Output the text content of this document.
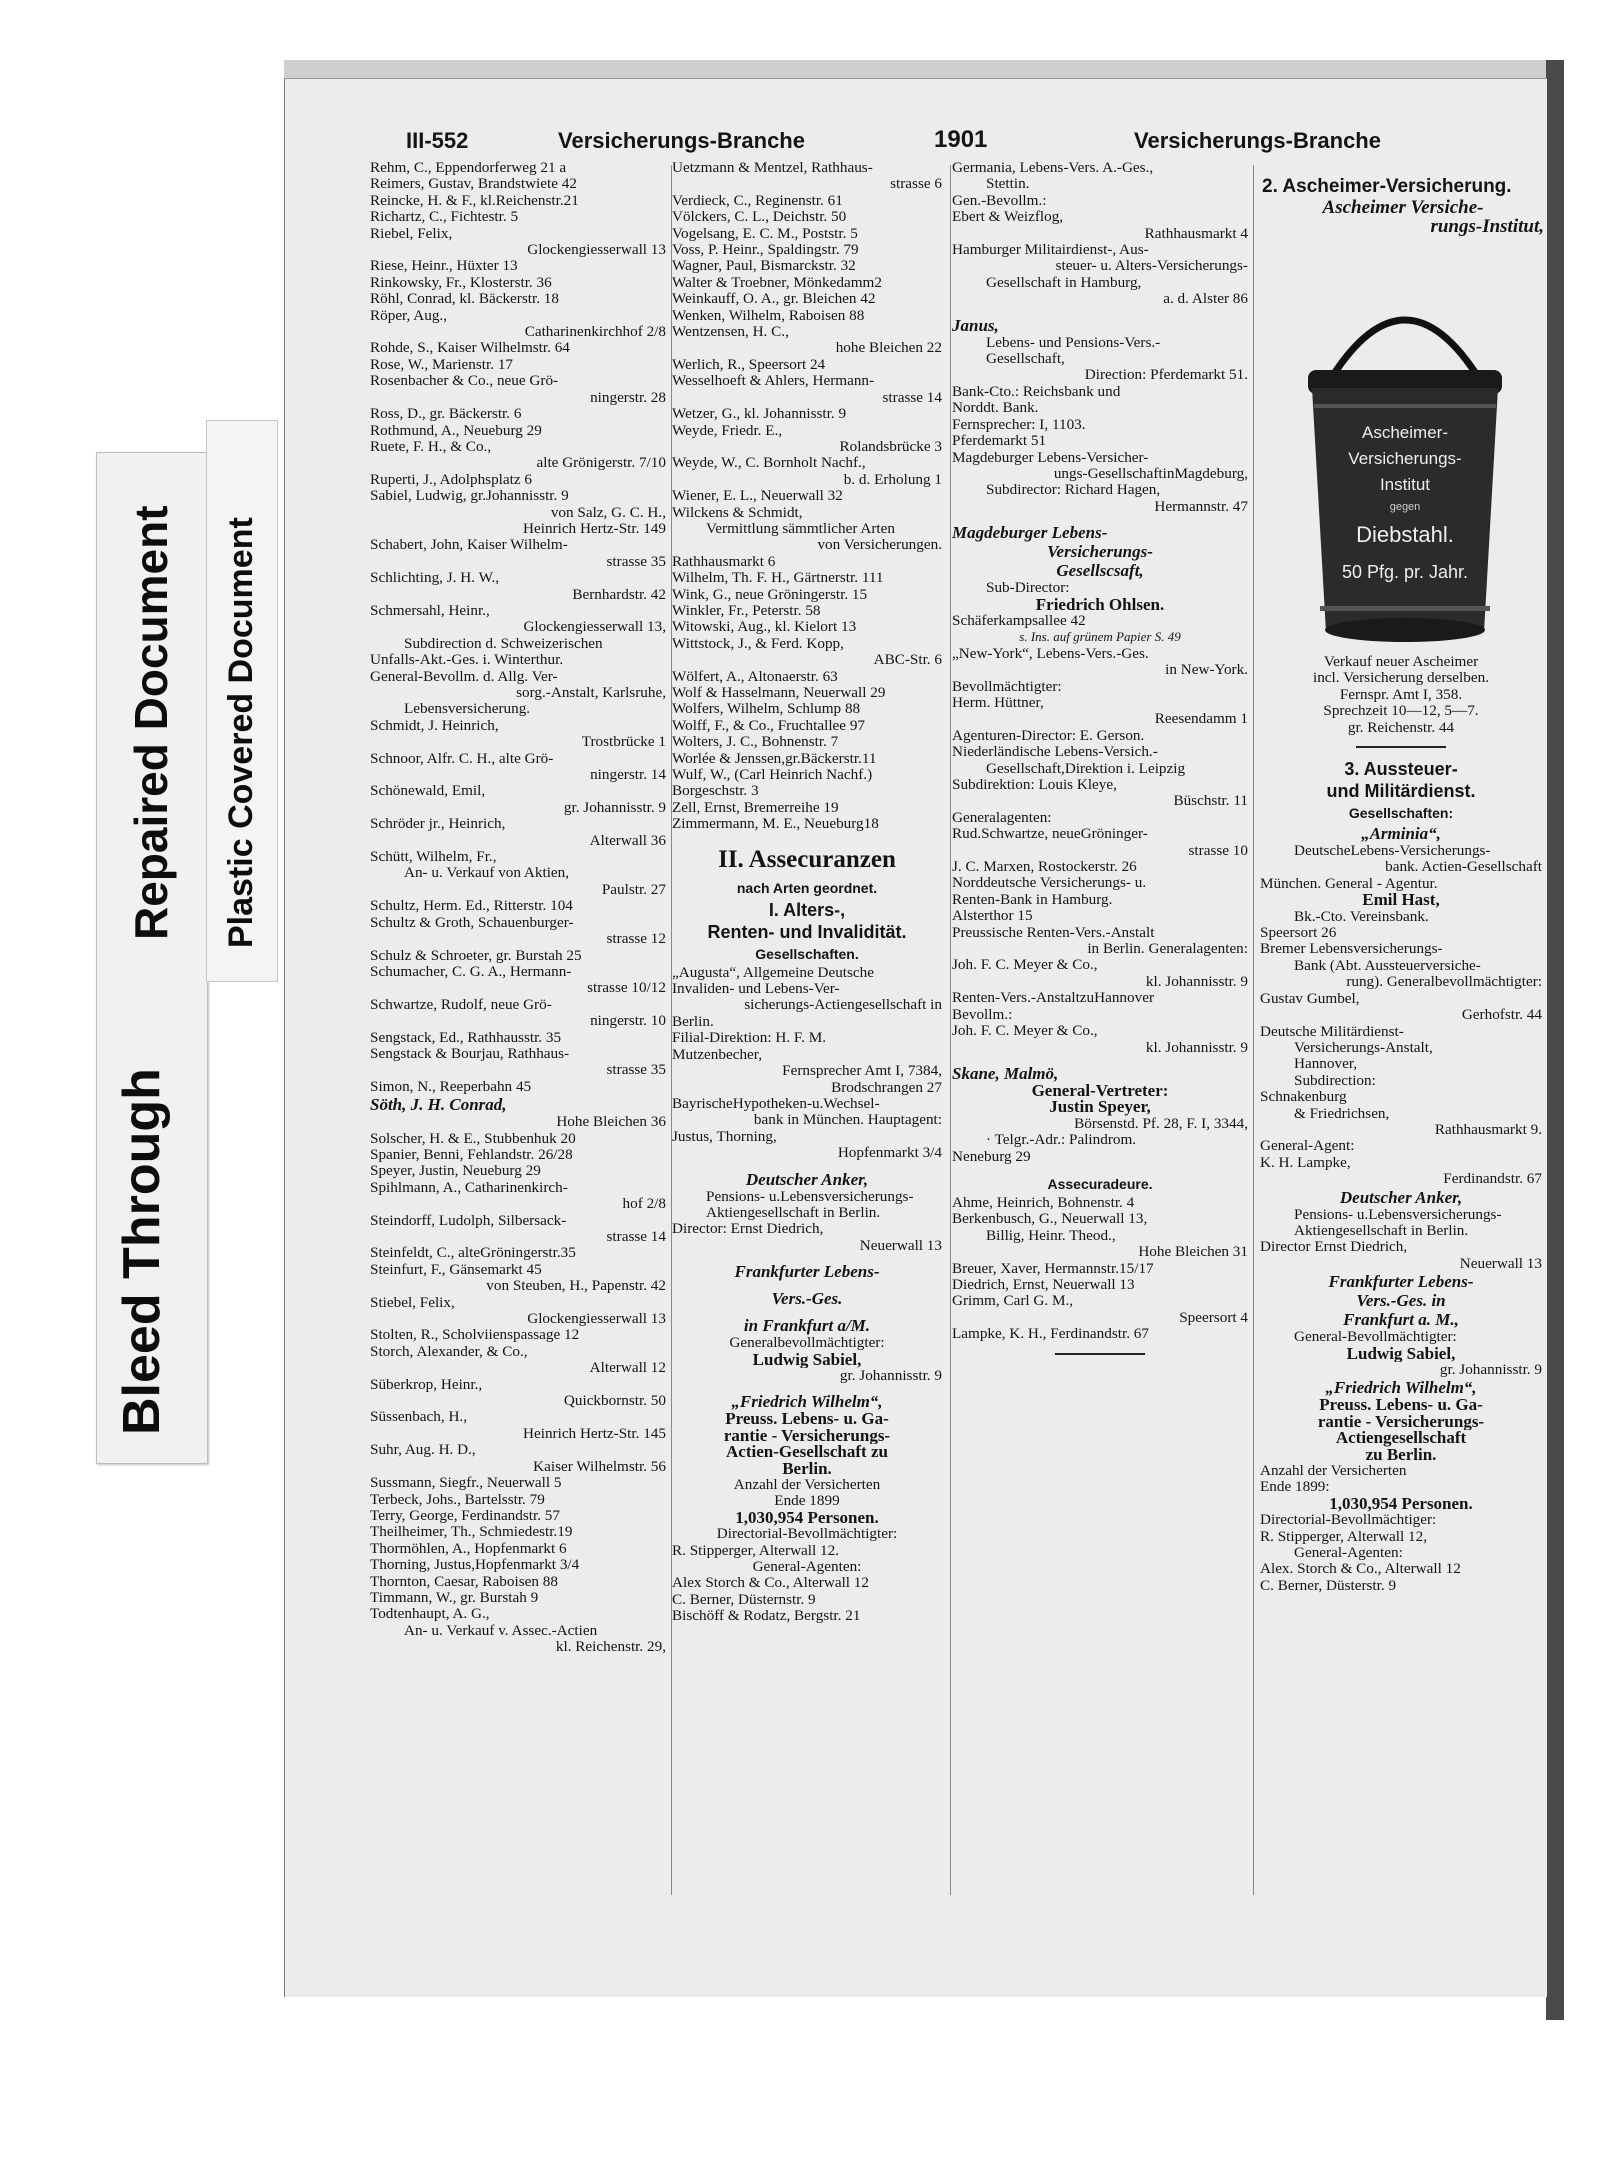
Bleed Through
Repaired Document Plastic Covered Document
III-552	Versicherungs-Branche	1901	Versicherungs-Branche

Rehm, C., Eppendorferweg 21 a

Reimers, Gustav, Brandstwiete 42

Reincke, H. & F., kl.Reichenstr.21

Richartz, C., Fichtestr. 5

Riebel, Felix,

Glockengiesserwall 13

Riese, Heinr., Hüxter 13

Rinkowsky, Fr., Klosterstr. 36

Röhl, Conrad, kl. Bäckerstr. 18

Röper, Aug.,

Catharinenkirchhof 2/8

Rohde, S., Kaiser Wilhelmstr. 64

Rose, W., Marienstr. 17

Rosenbacher & Co., neue Grö-

ningerstr. 28

Ross, D., gr. Bäckerstr. 6

Rothmund, A., Neueburg 29

Ruete, F. H., & Co.,

alte Grönigerstr. 7/10

Ruperti, J., Adolphsplatz 6

Sabiel, Ludwig, gr.Johannisstr. 9

von Salz, G. C. H.,

Heinrich Hertz-Str. 149

Schabert, John, Kaiser Wilhelm-

strasse 35

Schlichting, J. H. W.,

Bernhardstr. 42

Schmersahl, Heinr.,

Glockengiesserwall 13,

Subdirection d. Schweizerischen

Unfalls-Akt.-Ges. i. Winterthur.

General-Bevollm. d. Allg. Ver-

sorg.-Anstalt, Karlsruhe,

Lebensversicherung.

Schmidt, J. Heinrich,

Trostbrücke 1

Schnoor, Alfr. C. H., alte Grö-

ningerstr. 14

Schönewald, Emil,

gr. Johannisstr. 9

Schröder jr., Heinrich,

Alterwall 36

Schütt, Wilhelm, Fr.,

An- u. Verkauf von Aktien,

Paulstr. 27

Schultz, Herm. Ed., Ritterstr. 104

Schultz & Groth, Schauenburger-

strasse 12

Schulz & Schroeter, gr. Burstah 25

Schumacher, C. G. A., Hermann-

strasse 10/12

Schwartze, Rudolf, neue Grö-

ningerstr. 10

Sengstack, Ed., Rathhausstr. 35

Sengstack & Bourjau, Rathhaus-

strasse 35

Simon, N., Reeperbahn 45

Söth, J. H. Conrad,

Hohe Bleichen 36

Solscher, H. & E., Stubbenhuk 20

Spanier, Benni, Fehlandstr. 26/28

Speyer, Justin, Neueburg 29

Spihlmann, A., Catharinenkirch-

hof 2/8

Steindorff, Ludolph, Silbersack-

strasse 14

Steinfeldt, C., alteGröningerstr.35

Steinfurt, F., Gänsemarkt 45

von Steuben, H., Papenstr. 42

Stiebel, Felix,

Glockengiesserwall 13

Stolten, R., Scholviienspassage 12

Storch, Alexander, & Co.,

Alterwall 12

Süberkrop, Heinr.,

Quickbornstr. 50

Süssenbach, H.,

Heinrich Hertz-Str. 145

Suhr, Aug. H. D.,

Kaiser Wilhelmstr. 56

Sussmann, Siegfr., Neuerwall 5

Terbeck, Johs., Bartelsstr. 79

Terry, George, Ferdinandstr. 57

Theilheimer, Th., Schmiedestr.19

Thormöhlen, A., Hopfenmarkt 6

Thorning, Justus,Hopfenmarkt 3/4

Thornton, Caesar, Raboisen 88

Timmann, W., gr. Burstah 9

Todtenhaupt, A. G.,

An- u. Verkauf v. Assec.-Actien

kl. Reichenstr. 29,

Uetzmann & Mentzel, Rathhaus-

strasse 6

Verdieck, C., Reginenstr. 61

Völckers, C. L., Deichstr. 50

Vogelsang, E. C. M., Poststr. 5

Voss, P. Heinr., Spaldingstr. 79

Wagner, Paul, Bismarckstr. 32

Walter & Troebner, Mönkedamm2

Weinkauff, O. A., gr. Bleichen 42

Wenken, Wilhelm, Raboisen 88

Wentzensen, H. C.,

hohe Bleichen 22

Werlich, R., Speersort 24

Wesselhoeft & Ahlers, Hermann-

strasse 14

Wetzer, G., kl. Johannisstr. 9

Weyde, Friedr. E.,

Rolandsbrücke 3

Weyde, W., C. Bornholt Nachf.,

b. d. Erholung 1

Wiener, E. L., Neuerwall 32

Wilckens & Schmidt,

Vermittlung sämmtlicher Arten

von Versicherungen.

Rathhausmarkt 6

Wilhelm, Th. F. H., Gärtnerstr. 111

Wink, G., neue Gröningerstr. 15

Winkler, Fr., Peterstr. 58

Witowski, Aug., kl. Kielort 13

Wittstock, J., & Ferd. Kopp,

ABC-Str. 6

Wölfert, A., Altonaerstr. 63

Wolf & Hasselmann, Neuerwall 29

Wolfers, Wilhelm, Schlump 88

Wolff, F., & Co., Fruchtallee 97

Wolters, J. C., Bohnenstr. 7

Worlée & Jenssen,gr.Bäckerstr.11

Wulf, W., (Carl Heinrich Nachf.)

Borgeschstr. 3

Zell, Ernst, Bremerreihe 19

Zimmermann, M. E., Neueburg18

II. Assecuranzen

nach Arten geordnet.

I. Alters-,

Renten- und Invalidität.

Gesellschaften.

„Augusta“, Allgemeine Deutsche

Invaliden- und Lebens-Ver-

sicherungs-Actiengesellschaft in

Berlin.

Filial-Direktion: H. F. M.

Mutzenbecher,

Fernsprecher Amt I, 7384,

Brodschrangen 27

BayrischeHypotheken-u.Wechsel-

bank in München. Hauptagent:

Justus, Thorning,

Hopfenmarkt 3/4

Deutscher Anker,

Pensions- u.Lebensversicherungs-

Aktiengesellschaft in Berlin.

Director: Ernst Diedrich,

Neuerwall 13

Frankfurter Lebens-

Vers.-Ges.

in Frankfurt a/M.

Generalbevollmächtigter:

Ludwig Sabiel,

gr. Johannisstr. 9

„Friedrich Wilhelm“,

Preuss. Lebens- u. Ga-

rantie - Versicherungs-

Actien-Gesellschaft zu

Berlin.

Anzahl der Versicherten

Ende 1899

1,030,954 Personen.

Directorial-Bevollmächtigter:

R. Stipperger, Alterwall 12.

General-Agenten:

Alex Storch & Co., Alterwall 12

C. Berner, Düsternstr. 9

Bischöff & Rodatz, Bergstr. 21

Germania, Lebens-Vers. A.-Ges.,

Stettin.

Gen.-Bevollm.:

Ebert & Weizflog,

Rathhausmarkt 4

Hamburger Militairdienst-, Aus-

steuer- u. Alters-Versicherungs-

Gesellschaft in Hamburg,

a. d. Alster 86

Janus,

Lebens- und Pensions-Vers.-

Gesellschaft,

Direction: Pferdemarkt 51.

Bank-Cto.: Reichsbank und

Norddt. Bank.

Fernsprecher: I, 1103.

Pferdemarkt 51

Magdeburger Lebens-Versicher-

ungs-GesellschaftinMagdeburg,

Subdirector: Richard Hagen,

Hermannstr. 47

Magdeburger Lebens-

Versicherungs-

Gesellscsaft,

Sub-Director:

Friedrich Ohlsen.

Schäferkampsallee 42

s. Ins. auf grünem Papier S. 49

„New-York“, Lebens-Vers.-Ges.

in New-York.

Bevollmächtigter:

Herm. Hüttner,

Reesendamm 1

Agenturen-Director: E. Gerson.

Niederländische Lebens-Versich.-

Gesellschaft,Direktion i. Leipzig

Subdirektion: Louis Kleye,

Büschstr. 11

Generalagenten:

Rud.Schwartze, neueGröninger-

strasse 10

J. C. Marxen, Rostockerstr. 26

Norddeutsche Versicherungs- u.

Renten-Bank in Hamburg.

Alsterthor 15

Preussische Renten-Vers.-Anstalt

in Berlin. Generalagenten:

Joh. F. C. Meyer & Co.,

kl. Johannisstr. 9

Renten-Vers.-AnstaltzuHannover

Bevollm.:

Joh. F. C. Meyer & Co.,

kl. Johannisstr. 9

Skane, Malmö,

General-Vertreter:

Justin Speyer,

Börsenstd. Pf. 28, F. I, 3344,

· Telgr.-Adr.: Palindrom.

Neneburg 29

Assecuradeure.

Ahme, Heinrich, Bohnenstr. 4

Berkenbusch, G., Neuerwall 13,

Billig, Heinr. Theod.,

Hohe Bleichen 31

Breuer, Xaver, Hermannstr.15/17

Diedrich, Ernst, Neuerwall 13

Grimm, Carl G. M.,

Speersort 4

Lampke, K. H., Ferdinandstr. 67

2. Ascheimer-Versicherung.

Ascheimer Versiche-

rungs-Institut,

Ascheimer-
Versicherungs-
Institut
gegen
Diebstahl.
50 Pfg. pr. Jahr.

Verkauf neuer Ascheimer

incl. Versicherung derselben.

Fernspr. Amt I, 358.

Sprechzeit 10—12, 5—7.

gr. Reichenstr. 44

3. Aussteuer-

und Militärdienst.

Gesellschaften:

„Arminia“,

DeutscheLebens-Versicherungs-

bank. Actien-Gesellschaft

München. General - Agentur.

Emil Hast,

Bk.-Cto. Vereinsbank.

Speersort 26

Bremer Lebensversicherungs-

Bank (Abt. Aussteuerversiche-

rung). Generalbevollmächtigter:

Gustav Gumbel,

Gerhofstr. 44

Deutsche Militärdienst-

Versicherungs-Anstalt,

Hannover,

Subdirection:

Schnakenburg

& Friedrichsen,

Rathhausmarkt 9.

General-Agent:

K. H. Lampke,

Ferdinandstr. 67

Deutscher Anker,

Pensions- u.Lebensversicherungs-

Aktiengesellschaft in Berlin.

Director Ernst Diedrich,

Neuerwall 13

Frankfurter Lebens-

Vers.-Ges. in

Frankfurt a. M.,

General-Bevollmächtigter:

Ludwig Sabiel,

gr. Johannisstr. 9

„Friedrich Wilhelm“,

Preuss. Lebens- u. Ga-

rantie - Versicherungs-

Actiengesellschaft

zu Berlin.

Anzahl der Versicherten

Ende 1899:

1,030,954 Personen.

Directorial-Bevollmächtiger:

R. Stipperger, Alterwall 12,

General-Agenten:

Alex. Storch & Co., Alterwall 12

C. Berner, Düsterstr. 9
